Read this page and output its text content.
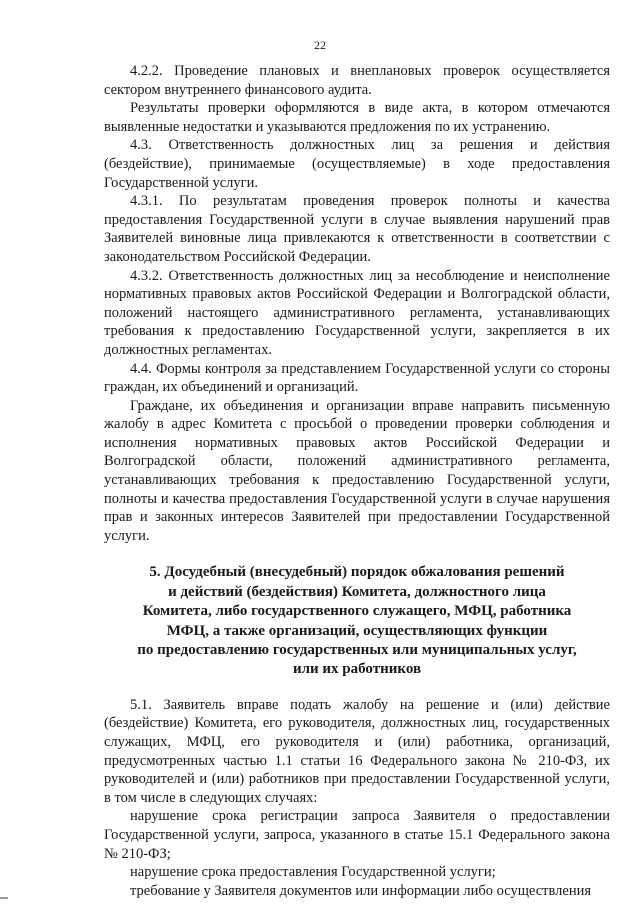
22

4.2.2. Проведение плановых и внеплановых проверок осуществляется сектором внутреннего финансового аудита.

Результаты проверки оформляются в виде акта, в котором отмечаются выявленные недостатки и указываются предложения по их устранению.

4.3. Ответственность должностных лиц за решения и действия (бездействие), принимаемые (осуществляемые) в ходе предоставления Государственной услуги.

4.3.1. По результатам проведения проверок полноты и качества предоставления Государственной услуги в случае выявления нарушений прав Заявителей виновные лица привлекаются к ответственности в соответствии с законодательством Российской Федерации.

4.3.2. Ответственность должностных лиц за несоблюдение и неисполнение нормативных правовых актов Российской Федерации и Волгоградской области, положений настоящего административного регламента, устанавливающих требования к предоставлению Государственной услуги, закрепляется в их должностных регламентах.

4.4. Формы контроля за представлением Государственной услуги со стороны граждан, их объединений и организаций.

Граждане, их объединения и организации вправе направить письменную жалобу в адрес Комитета с просьбой о проведении проверки соблюдения и исполнения нормативных правовых актов Российской Федерации и Волгоградской области, положений административного регламента, устанавливающих требования к предоставлению Государственной услуги, полноты и качества предоставления Государственной услуги в случае нарушения прав и законных интересов Заявителей при предоставлении Государственной услуги.

5. Досудебный (внесудебный) порядок обжалования решений
и действий (бездействия) Комитета, должностного лица
Комитета, либо государственного служащего, МФЦ, работника
МФЦ, а также организаций, осуществляющих функции
по предоставлению государственных или муниципальных услуг,
или их работников

5.1. Заявитель вправе подать жалобу на решение и (или) действие (бездействие) Комитета, его руководителя, должностных лиц, государственных служащих, МФЦ, его руководителя и (или) работника, организаций, предусмотренных частью 1.1 статьи 16 Федерального закона № 210-ФЗ, их руководителей и (или) работников при предоставлении Государственной услуги, в том числе в следующих случаях:

нарушение срока регистрации запроса Заявителя о предоставлении Государственной услуги, запроса, указанного в статье 15.1 Федерального закона № 210-ФЗ;

нарушение срока предоставления Государственной услуги;

требование у Заявителя документов или информации либо осуществления
